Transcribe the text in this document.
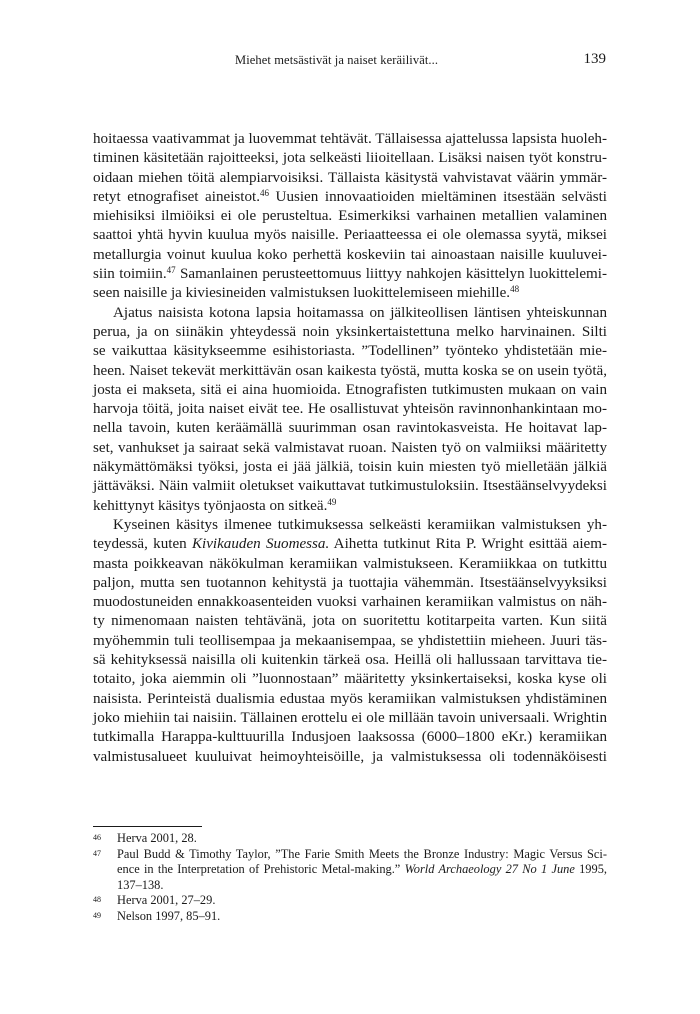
Miehet metsästivät ja naiset keräilivät...	139
hoitaessa vaativammat ja luovemmat tehtävät. Tällaisessa ajattelussa lapsista huoleh-
timinen käsitetään rajoitteeksi, jota selkeästi liioitellaan. Lisäksi naisen työt konstru-
oidaan miehen töitä alempiarvoisiksi. Tällaista käsitystä vahvistavat väärin ymmär-
retyt etnografiset aineistot.$^{46}$ Uusien innovaatioiden mieltäminen itsestään selvästi
miehisiksi ilmiöiksi ei ole perusteltua. Esimerkiksi varhainen metallien valaminen
saattoi yhtä hyvin kuulua myös naisille. Periaatteessa ei ole olemassa syytä, miksei
metallurgia voinut kuulua koko perhettä koskeviin tai ainoastaan naisille kuuluvei-
siin toimiin.$^{47}$ Samanlainen perusteettomuus liittyy nahkojen käsittelyn luokittelemi-
seen naisille ja kiviesineiden valmistuksen luokittelemiseen miehille.$^{48}$
Ajatus naisista kotona lapsia hoitamassa on jälkiteollisen läntisen yhteiskunnan
perua, ja on siinäkin yhteydessä noin yksinkertaistettuna melko harvinainen. Silti
se vaikuttaa käsitykseemme esihistoriasta. ”Todellinen” työnteko yhdistetään mie-
heen. Naiset tekevät merkittävän osan kaikesta työstä, mutta koska se on usein työtä,
josta ei makseta, sitä ei aina huomioida. Etnografisten tutkimusten mukaan on vain
harvoja töitä, joita naiset eivät tee. He osallistuvat yhteisön ravinnonhankintaan mo-
nella tavoin, kuten keräämällä suurimman osan ravintokasveista. He hoitavat lap-
set, vanhukset ja sairaat sekä valmistavat ruoan. Naisten työ on valmiiksi määritetty
näkymättömäksi työksi, josta ei jää jälkiä, toisin kuin miesten työ mielletään jälkiä
jättäväksi. Näin valmiit oletukset vaikuttavat tutkimustuloksiin. Itsestäänselvyydeksi
kehittynyt käsitys työnjaosta on sitkeä.$^{49}$
Kyseinen käsitys ilmenee tutkimuksessa selkeästi keramiikan valmistuksen yh-
teydessä, kuten Kivikauden Suomessa. Aihetta tutkinut Rita P. Wright esittää aiem-
masta poikkeavan näkökulman keramiikan valmistukseen. Keramiikkaa on tutkittu
paljon, mutta sen tuotannon kehitystä ja tuottajia vähemmän. Itsestäänselvyyksiksi
muodostuneiden ennakkoasenteiden vuoksi varhainen keramiikan valmistus on näh-
ty nimenomaan naisten tehtävänä, jota on suoritettu kotitarpeita varten. Kun siitä
myöhemmin tuli teollisempaa ja mekaanisempaa, se yhdistettiin mieheen. Juuri täs-
sä kehityksessä naisilla oli kuitenkin tärkeä osa. Heillä oli hallussaan tarvittava tie-
totaito, joka aiemmin oli ”luonnostaan” määritetty yksinkertaiseksi, koska kyse oli
naisista. Perinteistä dualismia edustaa myös keramiikan valmistuksen yhdistäminen
joko miehiin tai naisiin. Tällainen erottelu ei ole millään tavoin universaali. Wrightin
tutkimalla Harappa-kulttuurilla Indusjoen laaksossa (6000–1800 eKr.) keramiikan
valmistusalueet kuuluivat heimoyhteisöille, ja valmistuksessa oli todennäköisesti
46 Herva 2001, 28.
47 Paul Budd & Timothy Taylor, ”The Farie Smith Meets the Bronze Industry: Magic Versus Sci-
ence in the Interpretation of Prehistoric Metal-making.” World Archaeology 27 No 1 June 1995,
137–138.
48 Herva 2001, 27–29.
49 Nelson 1997, 85–91.
